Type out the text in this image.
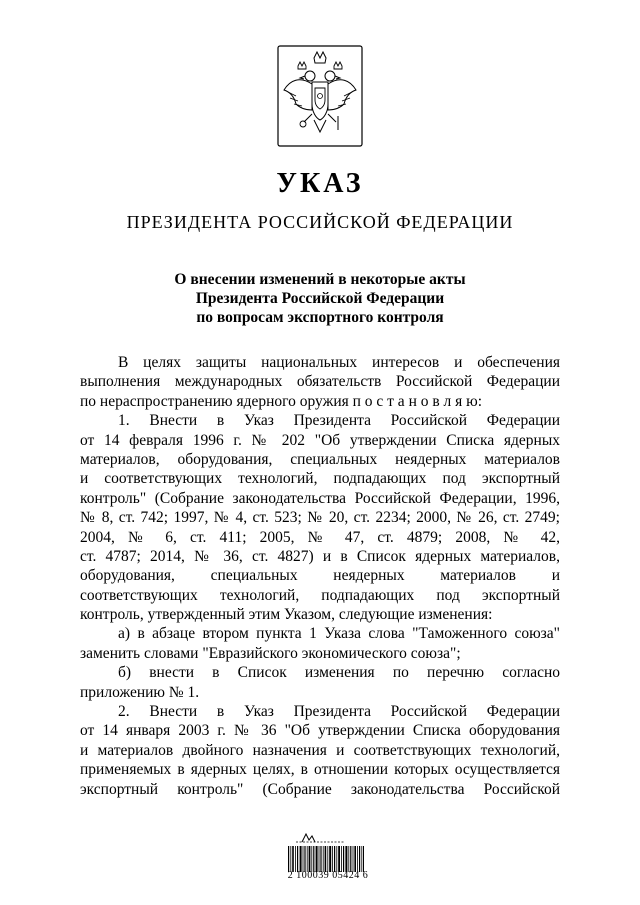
УКАЗ
ПРЕЗИДЕНТА РОССИЙСКОЙ ФЕДЕРАЦИИ
О внесении изменений в некоторые акты
Президента Российской Федерации
по вопросам экспортного контроля
В целях защиты национальных интересов и обеспечения
выполнения международных обязательств Российской Федерации
по нераспространению ядерного оружия п о с т а н о в л я ю:
1. Внести в Указ Президента Российской Федерации
от 14 февраля 1996 г. № 202 "Об утверждении Списка ядерных
материалов, оборудования, специальных неядерных материалов
и соответствующих технологий, подпадающих под экспортный
контроль" (Собрание законодательства Российской Федерации, 1996,
№ 8, ст. 742; 1997, № 4, ст. 523; № 20, ст. 2234; 2000, № 26, ст. 2749;
2004, № 6, ст. 411; 2005, № 47, ст. 4879; 2008, № 42,
ст. 4787; 2014, № 36, ст. 4827) и в Список ядерных материалов,
оборудования, специальных неядерных материалов и
соответствующих технологий, подпадающих под экспортный
контроль, утвержденный этим Указом, следующие изменения:
а) в абзаце втором пункта 1 Указа слова "Таможенного союза"
заменить словами "Евразийского экономического союза";
б) внести в Список изменения по перечню согласно
приложению № 1.
2. Внести в Указ Президента Российской Федерации
от 14 января 2003 г. № 36 "Об утверждении Списка оборудования
и материалов двойного назначения и соответствующих технологий,
применяемых в ядерных целях, в отношении которых осуществляется
экспортный контроль" (Собрание законодательства Российской
2 100039 05424 6
